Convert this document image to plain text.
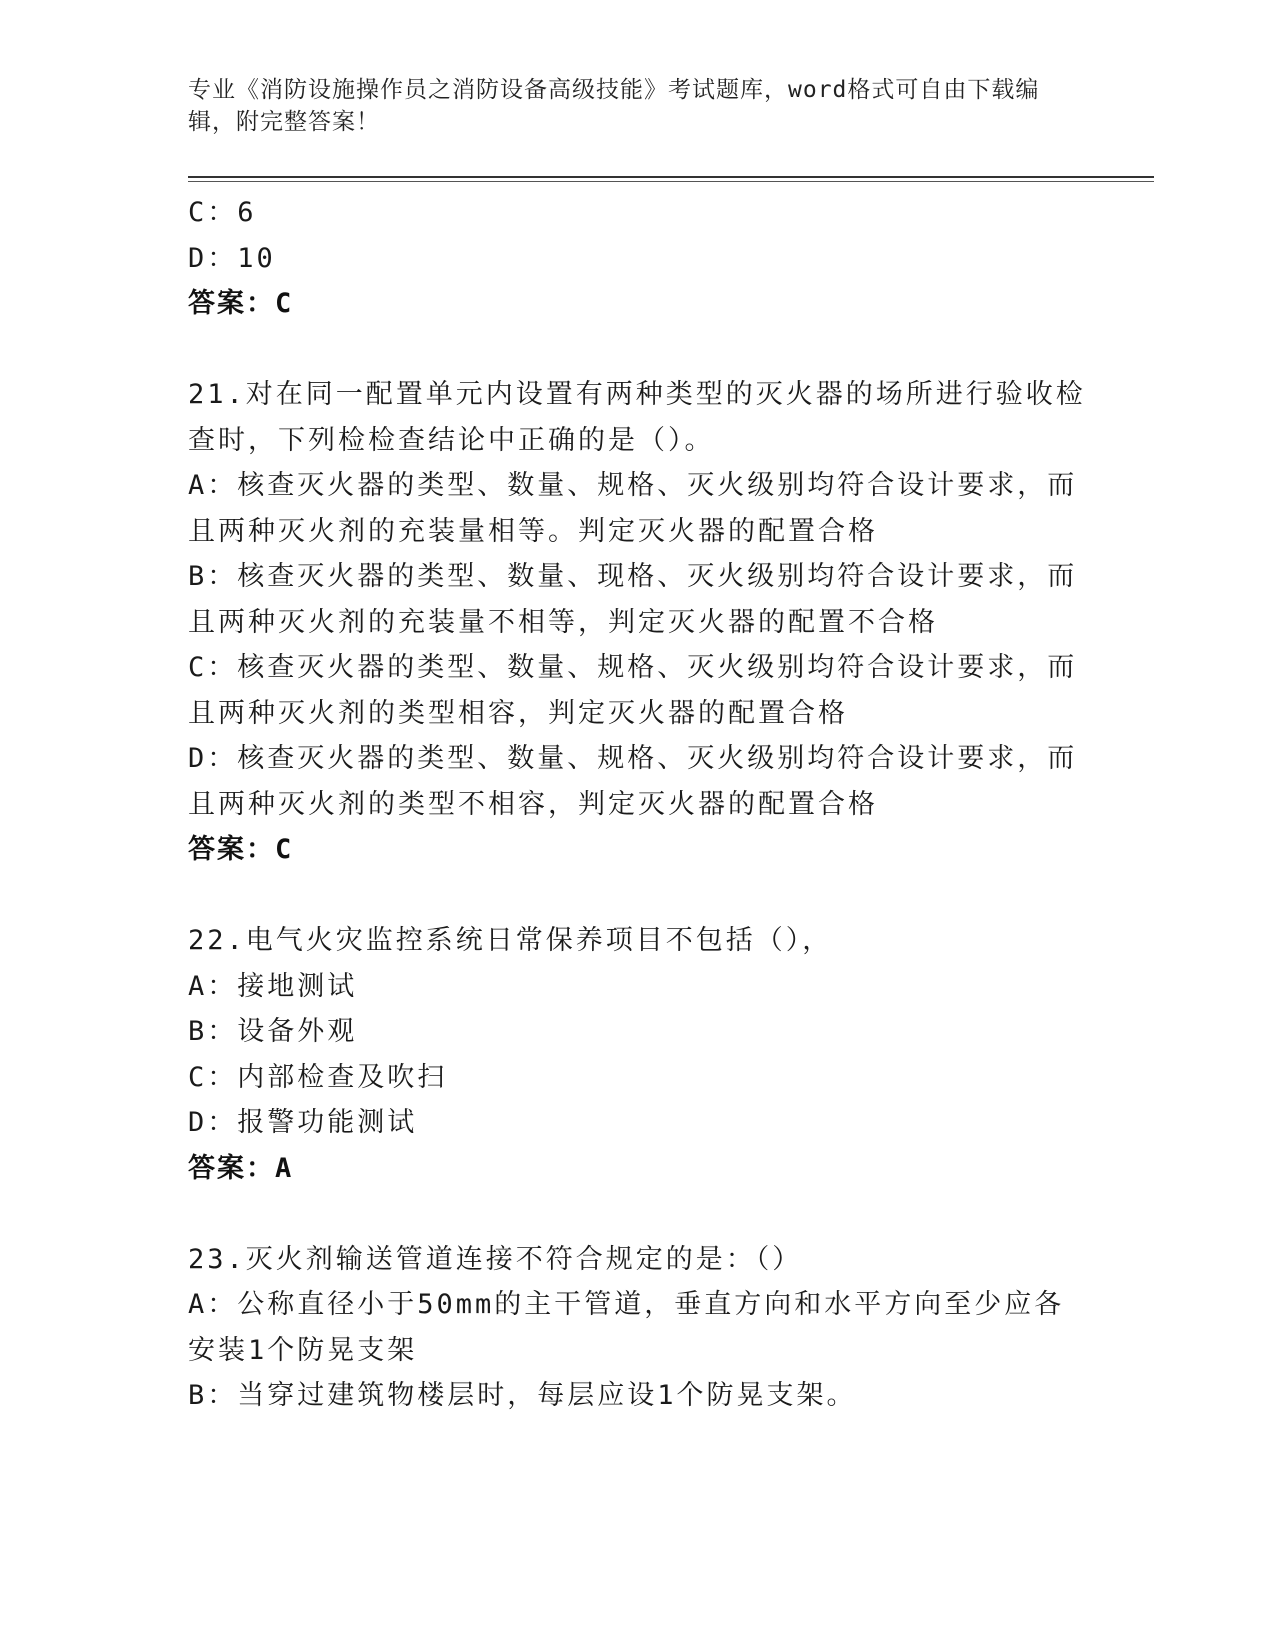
专业《消防设施操作员之消防设备高级技能》考试题库，word格式可自由下载编辑，附完整答案！
C：6
D：10
答案：C
21.对在同一配置单元内设置有两种类型的灭火器的场所进行验收检查时，下列检检查结论中正确的是（）。
A：核查灭火器的类型、数量、规格、灭火级别均符合设计要求，而且两种灭火剂的充装量相等。判定灭火器的配置合格
B：核查灭火器的类型、数量、现格、灭火级别均符合设计要求，而且两种灭火剂的充装量不相等，判定灭火器的配置不合格
C：核查灭火器的类型、数量、规格、灭火级别均符合设计要求，而且两种灭火剂的类型相容，判定灭火器的配置合格
D：核查灭火器的类型、数量、规格、灭火级别均符合设计要求，而且两种灭火剂的类型不相容，判定灭火器的配置合格
答案：C
22.电气火灾监控系统日常保养项目不包括（），
A：接地测试
B：设备外观
C：内部检查及吹扫
D：报警功能测试
答案：A
23.灭火剂输送管道连接不符合规定的是：（）
A：公称直径小于50mm的主干管道，垂直方向和水平方向至少应各安装1个防晃支架
B：当穿过建筑物楼层时，每层应设1个防晃支架。
